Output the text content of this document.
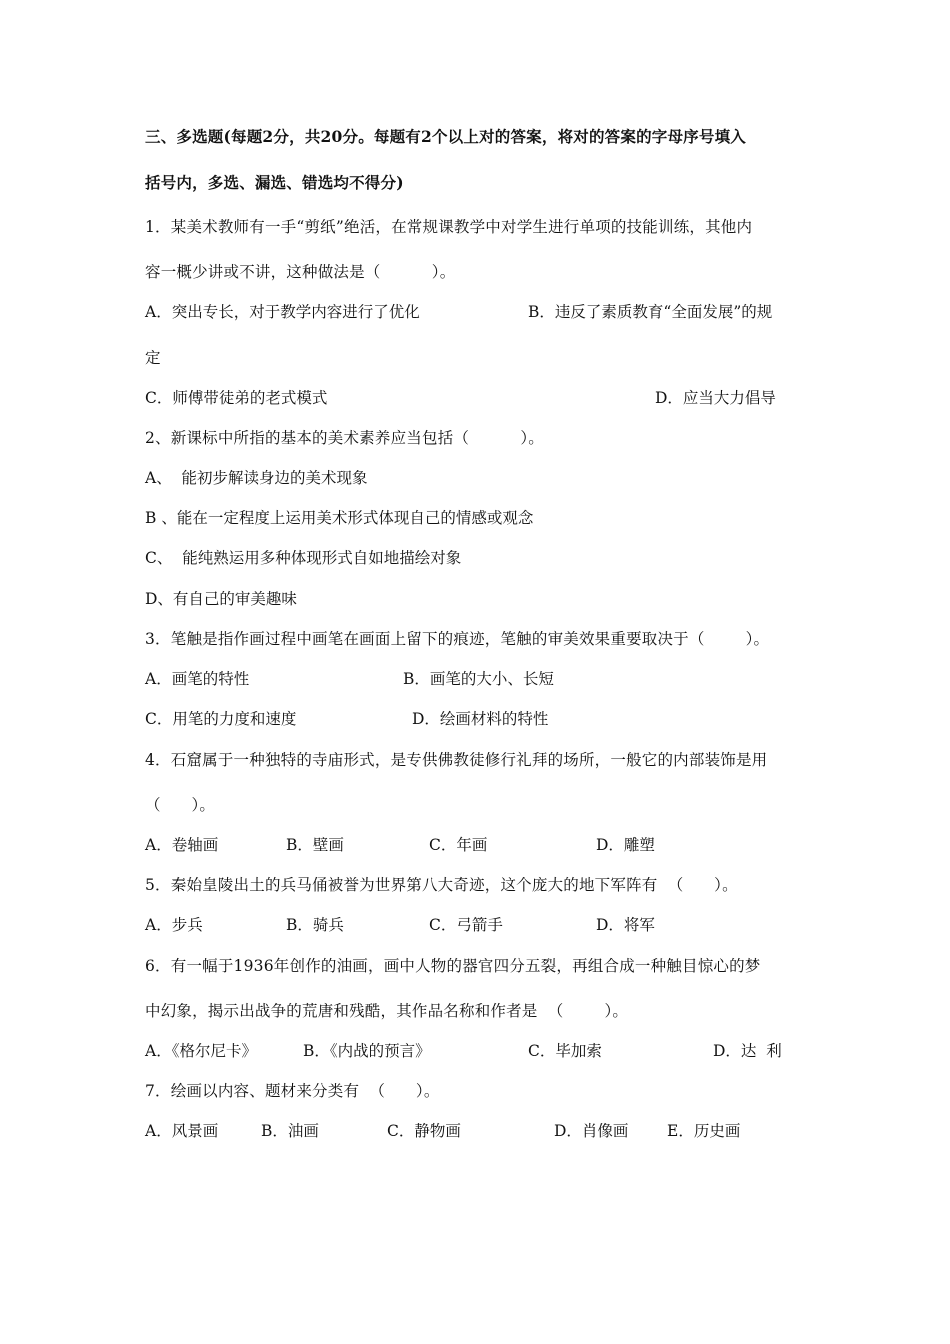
三、多选题(每题2分，共20分。每题有2个以上对的答案，将对的答案的字母序号填入
括号内，多选、漏选、错选均不得分)
1．某美术教师有一手“剪纸”绝活，在常规课教学中对学生进行单项的技能训练，其他内
容一概少讲或不讲，这种做法是（          ）。
A．突出专长，对于教学内容进行了优化	B．违反了素质教育“全面发展”的规
定
C．师傅带徒弟的老式模式	D．应当大力倡导
2、新课标中所指的基本的美术素养应当包括（          ）。
A、  能初步解读身边的美术现象
B 、能在一定程度上运用美术形式体现自己的情感或观念
C、  能纯熟运用多种体现形式自如地描绘对象
D、有自己的审美趣味
3．笔触是指作画过程中画笔在画面上留下的痕迹，笔触的审美效果重要取决于（        ）。
A．画笔的特性	B．画笔的大小、长短
C．用笔的力度和速度	D．绘画材料的特性
4．石窟属于一种独特的寺庙形式，是专供佛教徒修行礼拜的场所，一般它的内部装饰是用
（      ）。
A．卷轴画	B．壁画	C．年画	D．雕塑
5．秦始皇陵出土的兵马俑被誉为世界第八大奇迹，这个庞大的地下军阵有  （      ）。
A．步兵	B．骑兵	C．弓箭手	D．将军
6．有一幅于1936年创作的油画，画中人物的器官四分五裂，再组合成一种触目惊心的梦
中幻象，揭示出战争的荒唐和残酷，其作品名称和作者是  （        ）。
A．《格尔尼卡》	B．《内战的预言》	C．毕加索	D．达  利
7．绘画以内容、题材来分类有  （      ）。
A．风景画	B．油画	C．静物画	D．肖像画 E．历史画
